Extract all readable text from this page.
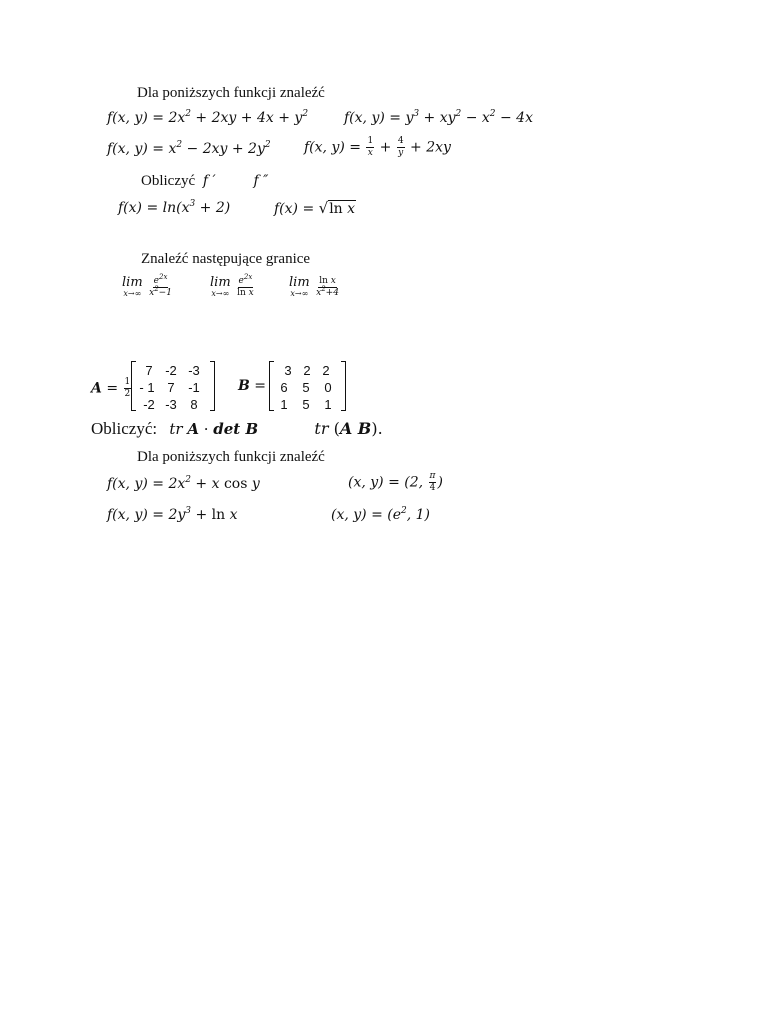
Dla poniższych funkcji znaleźć
f(x, $y) = 2x^2 + 2xy + 4x + y^2$	f(x, $y) = y^3 + xy^2 - x^2 - 4x$
f(x, $y) = x^2 - 2xy + 2y^2$ f(x, $y) = \frac{1}{x} + \frac{4}{y} + 2xy$
Obliczyć f ′	f ″
$f(x) = \ln(x^3 + 2)$	f(x) = √ ln x
Znaleźć następujące granice
lim
x→∞
$\frac{e^{2x}}{x^2-1}$	lim
x→∞
$\frac{e^{2x}}{\text{ln x}}$	lim
x→∞
$\frac{\text{ln x}}{x^2+4}$
$A = \frac{1}{2}$
7 -2 -3
- 1 7	-1
-2 -3	8
B =
3 2 2
6	5	0
1	5	1
Obliczyć: tr A · det B	tr (A B).
Dla poniższych funkcji znaleźć
f(x, $y) = 2x^2 + x$ cos y	(x, y) = (2, $\frac{\pi}{4}$ )
f(x, $y) = 2y^3 + \ln x$	(x, $y) = (e^2$, 1)
